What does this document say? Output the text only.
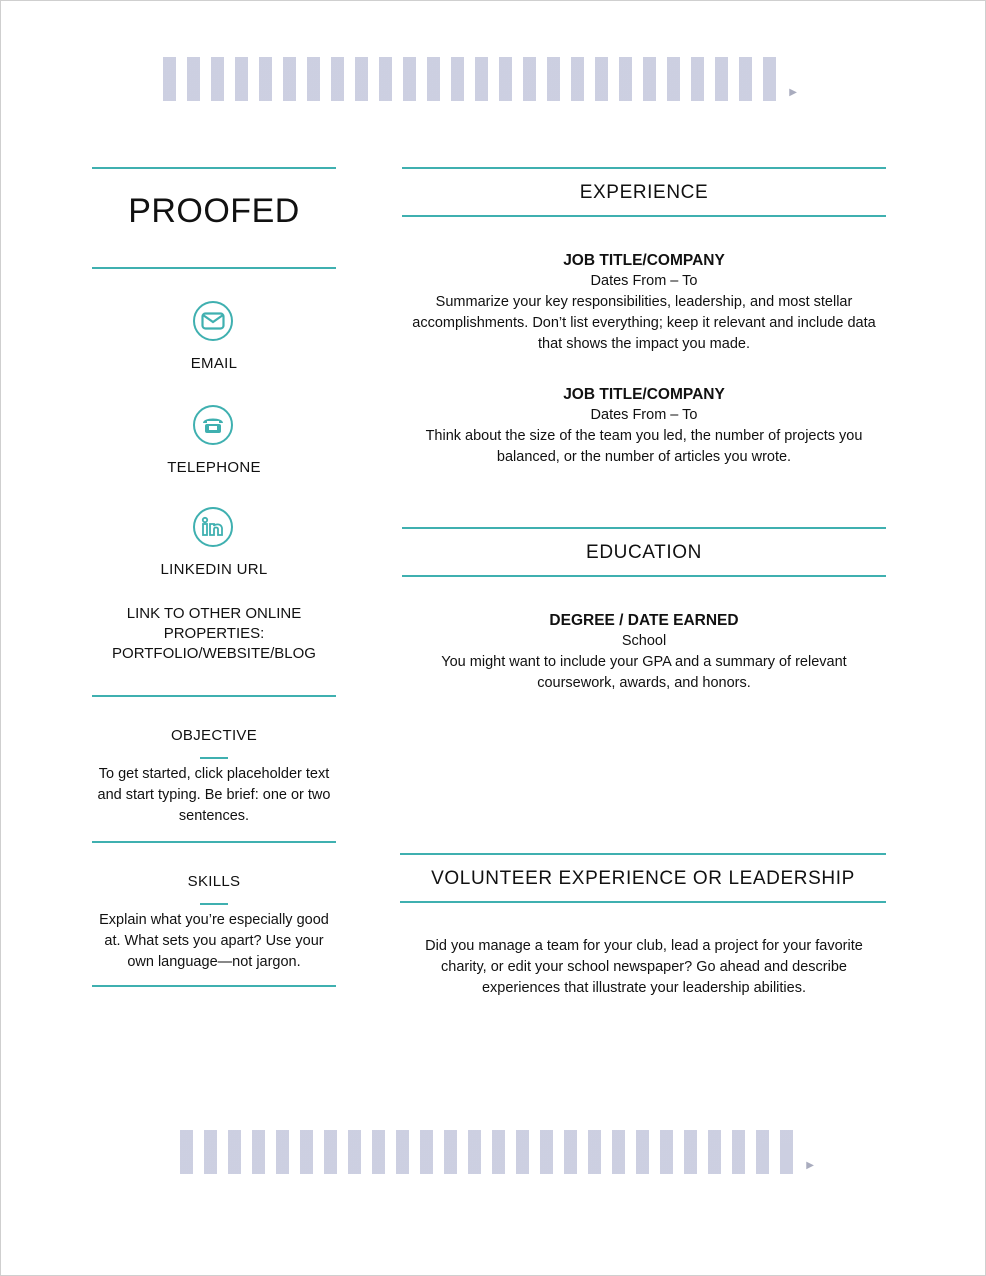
▶
▶
PROOFED
EMAIL
TELEPHONE
LINKEDIN URL
LINK TO OTHER ONLINE
PROPERTIES:
PORTFOLIO/WEBSITE/BLOG
OBJECTIVE
To get started, click placeholder text
and start typing. Be brief: one or two
sentences.
SKILLS
Explain what you’re especially good
at. What sets you apart? Use your
own language—not jargon.
EXPERIENCE
JOB TITLE/COMPANY
Dates From – To
Summarize your key responsibilities, leadership, and most stellar
accomplishments. Don’t list everything; keep it relevant and include data
that shows the impact you made.
JOB TITLE/COMPANY
Dates From – To
Think about the size of the team you led, the number of projects you
balanced, or the number of articles you wrote.
EDUCATION
DEGREE / DATE EARNED
School
You might want to include your GPA and a summary of relevant
coursework, awards, and honors.
VOLUNTEER EXPERIENCE OR LEADERSHIP
Did you manage a team for your club, lead a project for your favorite
charity, or edit your school newspaper? Go ahead and describe
experiences that illustrate your leadership abilities.
